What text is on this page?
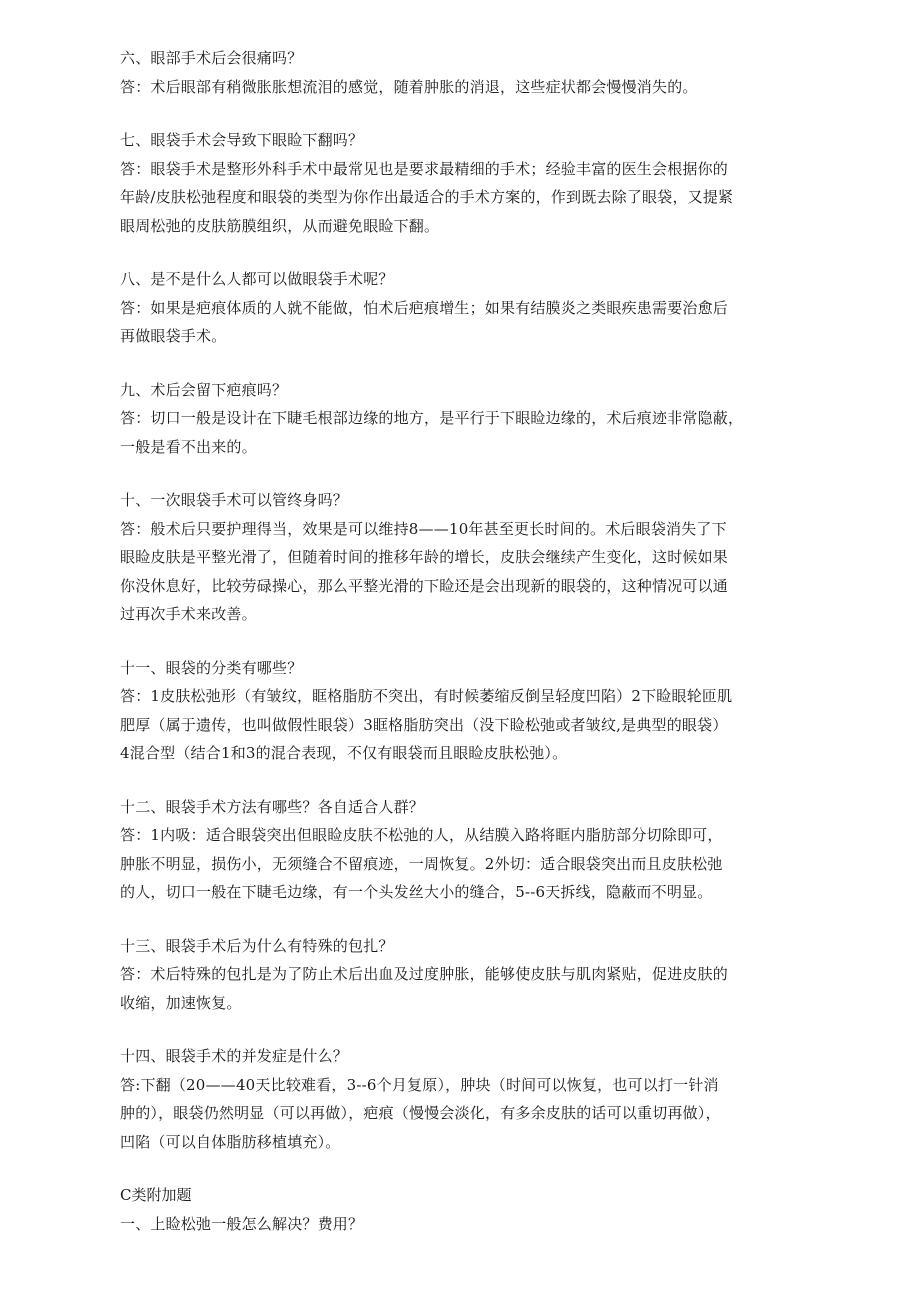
六、眼部手术后会很痛吗？
答：术后眼部有稍微胀胀想流泪的感觉，随着肿胀的消退，这些症状都会慢慢消失的。
七、眼袋手术会导致下眼睑下翻吗？
答：眼袋手术是整形外科手术中最常见也是要求最精细的手术；经验丰富的医生会根据你的
年龄/皮肤松弛程度和眼袋的类型为你作出最适合的手术方案的，作到既去除了眼袋，又提紧
眼周松弛的皮肤筋膜组织，从而避免眼睑下翻。
八、是不是什么人都可以做眼袋手术呢？
答：如果是疤痕体质的人就不能做，怕术后疤痕增生；如果有结膜炎之类眼疾患需要治愈后
再做眼袋手术。
九、术后会留下疤痕吗？
答：切口一般是设计在下睫毛根部边缘的地方，是平行于下眼睑边缘的，术后痕迹非常隐蔽，
一般是看不出来的。
十、一次眼袋手术可以管终身吗？
答：般术后只要护理得当，效果是可以维持8——10年甚至更长时间的。术后眼袋消失了下
眼睑皮肤是平整光滑了，但随着时间的推移年龄的增长，皮肤会继续产生变化，这时候如果
你没休息好，比较劳碌操心，那么平整光滑的下睑还是会出现新的眼袋的，这种情况可以通
过再次手术来改善。
十一、眼袋的分类有哪些？
答：1皮肤松弛形（有皱纹，眶格脂肪不突出，有时候萎缩反倒呈轻度凹陷）2下睑眼轮匝肌
肥厚（属于遗传，也叫做假性眼袋）3眶格脂肪突出（没下睑松弛或者皱纹,是典型的眼袋）
4混合型（结合1和3的混合表现，不仅有眼袋而且眼睑皮肤松弛）。
十二、眼袋手术方法有哪些？各自适合人群？
答：1内吸：适合眼袋突出但眼睑皮肤不松弛的人，从结膜入路将眶内脂肪部分切除即可，
肿胀不明显，损伤小，无须缝合不留痕迹，一周恢复。2外切：适合眼袋突出而且皮肤松弛
的人，切口一般在下睫毛边缘，有一个头发丝大小的缝合，5--6天拆线，隐蔽而不明显。
十三、眼袋手术后为什么有特殊的包扎？
答：术后特殊的包扎是为了防止术后出血及过度肿胀，能够使皮肤与肌肉紧贴，促进皮肤的
收缩，加速恢复。
十四、眼袋手术的并发症是什么？
答:下翻（20——40天比较难看，3--6个月复原），肿块（时间可以恢复，也可以打一针消
肿的），眼袋仍然明显（可以再做），疤痕（慢慢会淡化，有多余皮肤的话可以重切再做），
凹陷（可以自体脂肪移植填充）。
C类附加题
一、上睑松弛一般怎么解决？费用？
